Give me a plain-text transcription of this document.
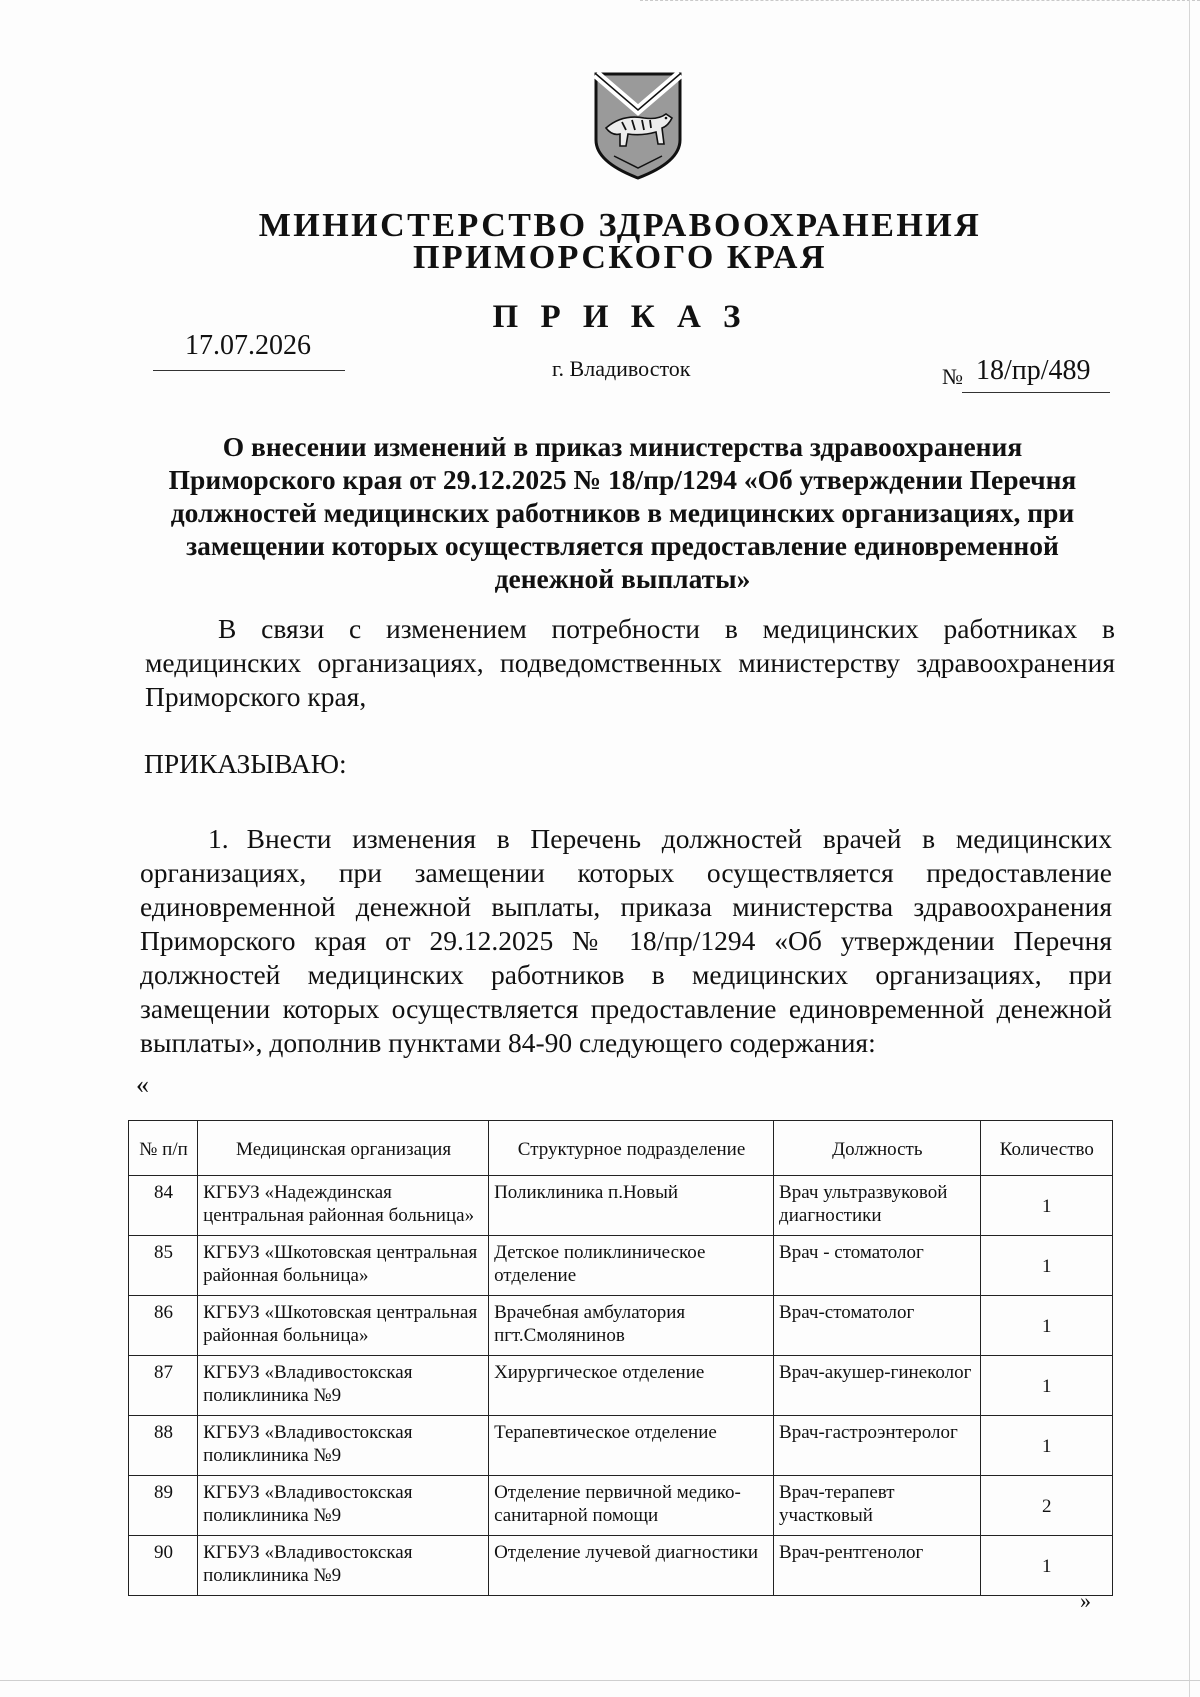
МИНИСТЕРСТВО ЗДРАВООХРАНЕНИЯ
ПРИМОРСКОГО КРАЯ
П Р И К А З
17.07.2026
г. Владивосток	№ 18/пр/489
О внесении изменений в приказ министерства здравоохранения Приморского края от 29.12.2025 № 18/пр/1294 «Об утверждении Перечня должностей медицинских работников в медицинских организациях, при замещении которых осуществляется предоставление единовременной денежной выплаты»
В связи с изменением потребности в медицинских работниках в медицинских организациях, подведомственных министерству здравоохранения Приморского края,
ПРИКАЗЫВАЮ:
1. Внести изменения в Перечень должностей врачей в медицинских организациях, при замещении которых осуществляется предоставление единовременной денежной выплаты, приказа министерства здравоохранения Приморского края от 29.12.2025 № 18/пр/1294 «Об утверждении Перечня должностей медицинских работников в медицинских организациях, при замещении которых осуществляется предоставление единовременной денежной выплаты», дополнив пунктами 84-90 следующего содержания:
«
№ п/п	Медицинская организация	Структурное подразделение	Должность	Количество
84	КГБУЗ «Надеждинская центральная районная больница»	Поликлиника п.Новый	Врач ультразвуковой диагностики	1
85	КГБУЗ «Шкотовская центральная районная больница»	Детское поликлиническое отделение	Врач - стоматолог	1
86	КГБУЗ «Шкотовская центральная районная больница»	Врачебная амбулатория пгт.Смолянинов	Врач-стоматолог	1
87	КГБУЗ «Владивостокская поликлиника №9	Хирургическое отделение	Врач-акушер-гинеколог	1
88	КГБУЗ «Владивостокская поликлиника №9	Терапевтическое отделение	Врач-гастроэнтеролог	1
89	КГБУЗ «Владивостокская поликлиника №9	Отделение первичной медико-санитарной помощи	Врач-терапевт участковый	2
90	КГБУЗ «Владивостокская поликлиника №9	Отделение лучевой диагностики	Врач-рентгенолог	1
»
